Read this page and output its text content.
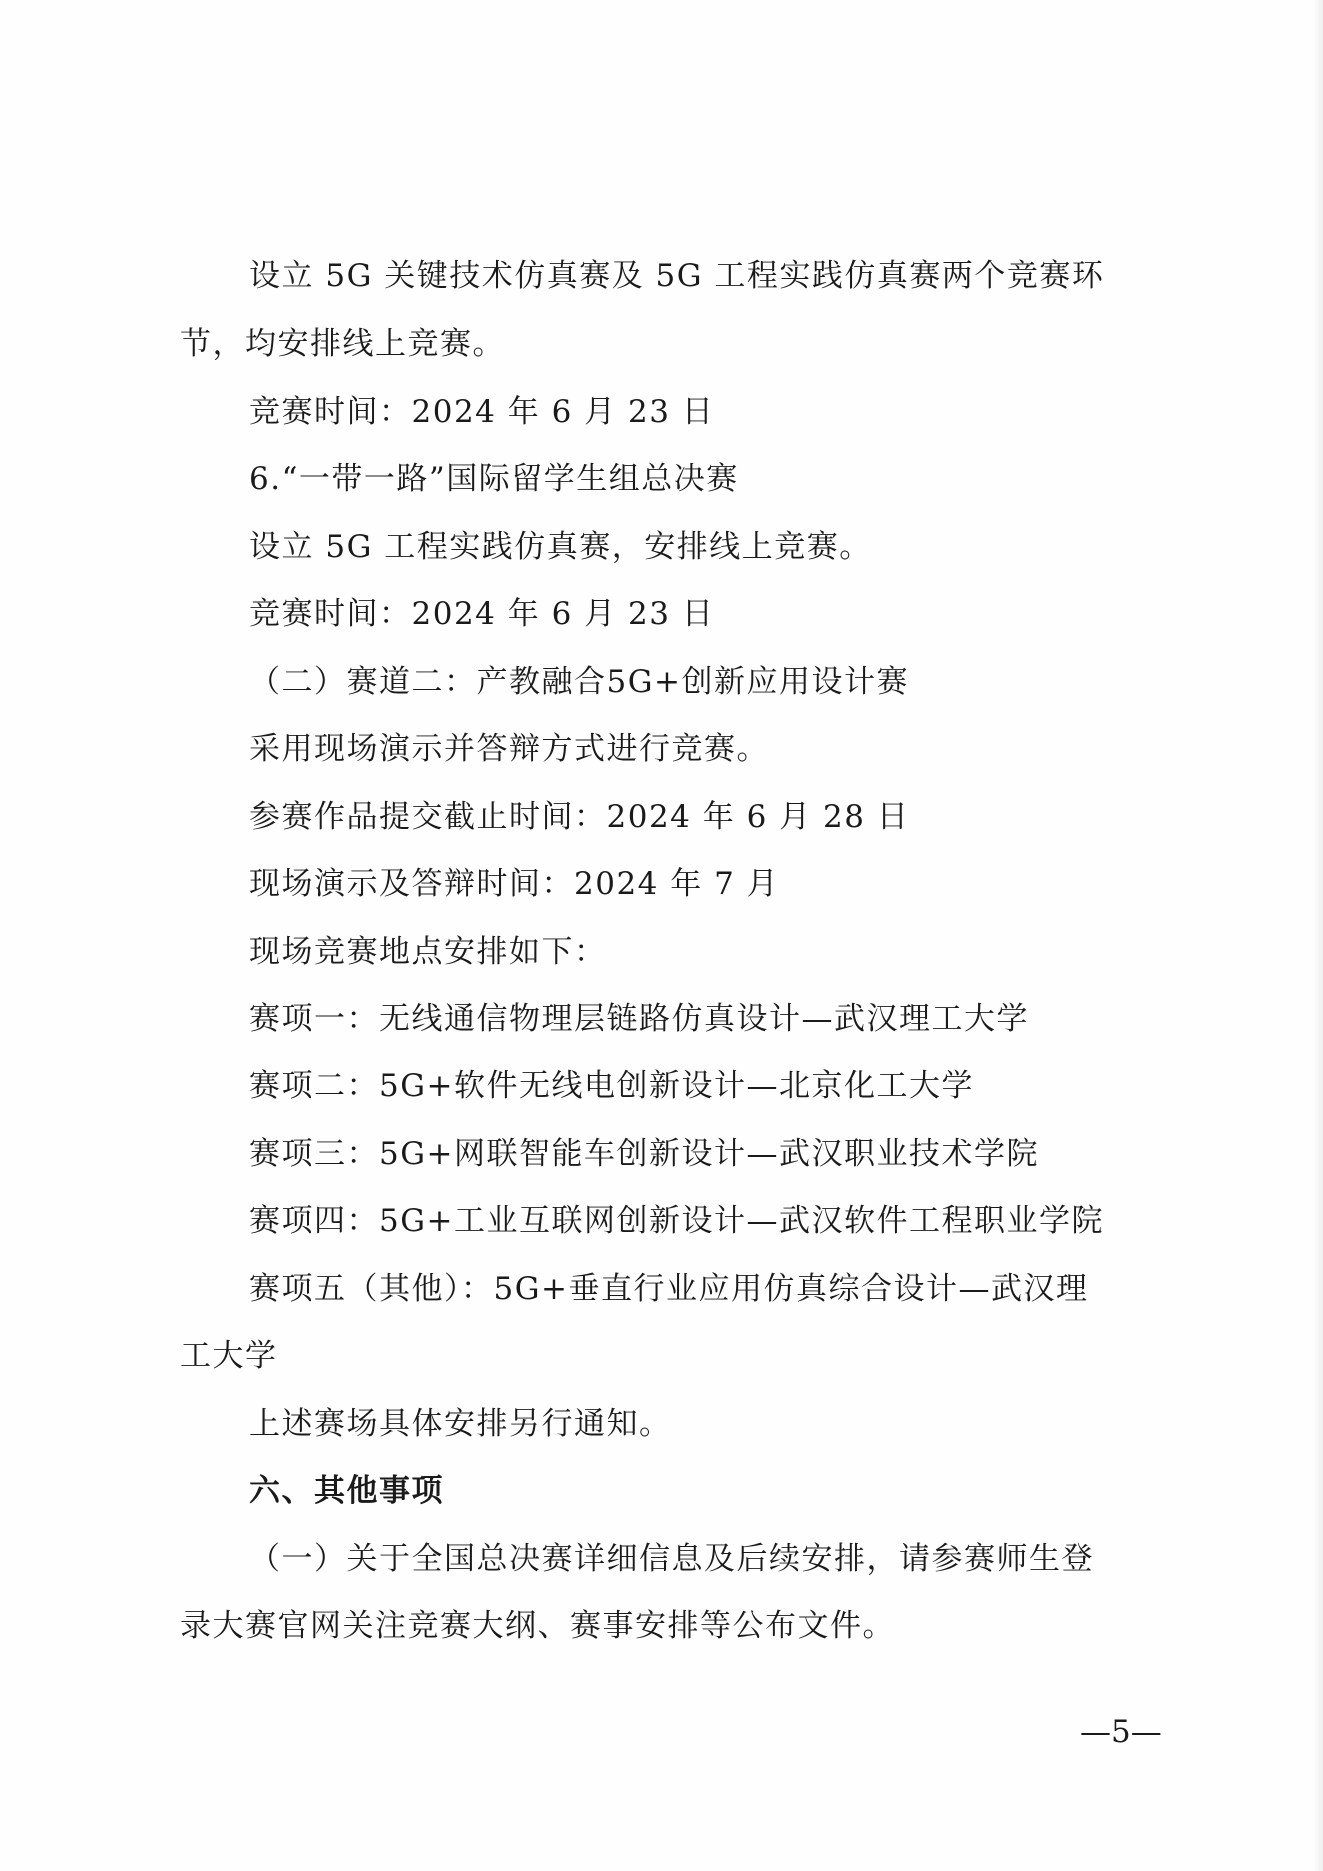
设立 5G 关键技术仿真赛及 5G 工程实践仿真赛两个竞赛环
节，均安排线上竞赛。
竞赛时间：2024 年 6 月 23 日
6.“一带一路”国际留学生组总决赛
设立 5G 工程实践仿真赛，安排线上竞赛。
竞赛时间：2024 年 6 月 23 日
（二）赛道二：产教融合5G+创新应用设计赛
采用现场演示并答辩方式进行竞赛。
参赛作品提交截止时间：2024 年 6 月 28 日
现场演示及答辩时间：2024 年 7 月
现场竞赛地点安排如下：
赛项一：无线通信物理层链路仿真设计—武汉理工大学
赛项二：5G+软件无线电创新设计—北京化工大学
赛项三：5G+网联智能车创新设计—武汉职业技术学院
赛项四：5G+工业互联网创新设计—武汉软件工程职业学院
赛项五（其他）：5G+垂直行业应用仿真综合设计—武汉理
工大学
上述赛场具体安排另行通知。
六、其他事项
（一）关于全国总决赛详细信息及后续安排，请参赛师生登
录大赛官网关注竞赛大纲、赛事安排等公布文件。
—5—
